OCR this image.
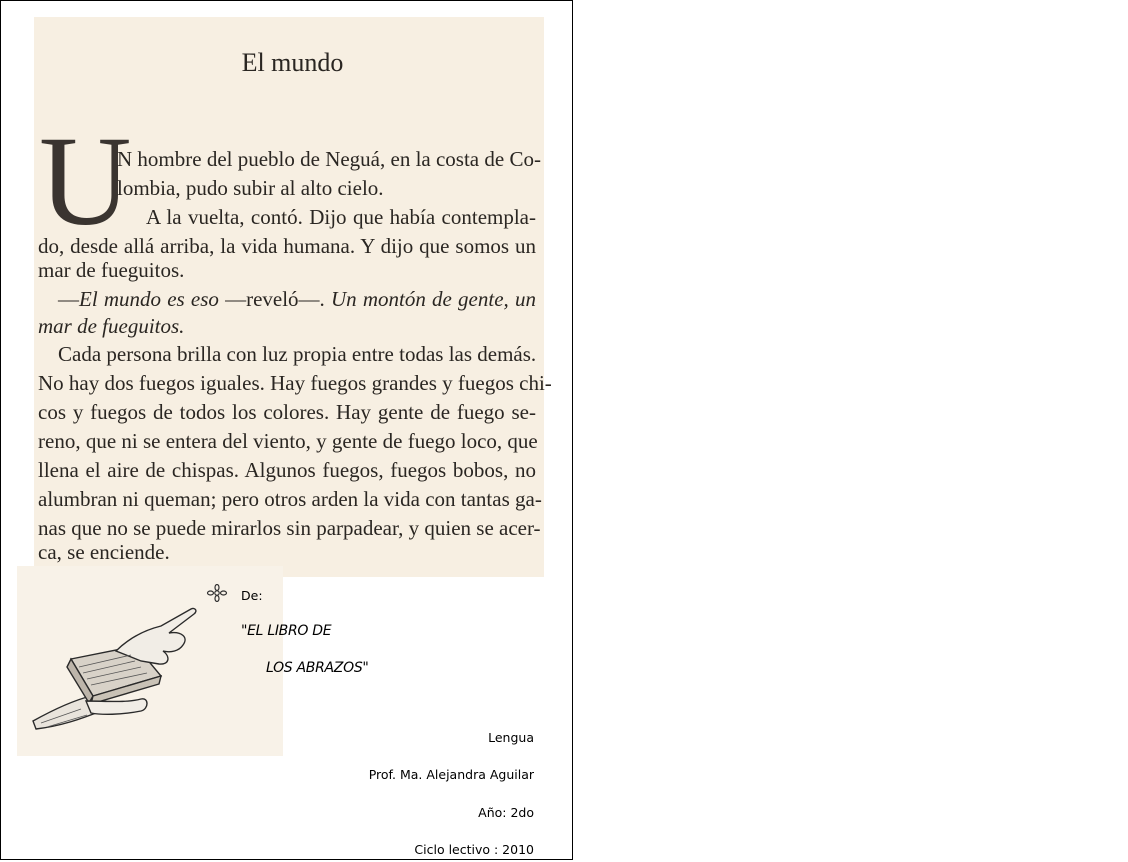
El mundo
U
N hombre del pueblo de Neguá, en la costa de Co-
lombia, pudo subir al alto cielo.
A la vuelta, contó. Dijo que había contempla-
do, desde allá arriba, la vida humana. Y dijo que somos un
mar de fueguitos.
—El mundo es eso —reveló—. Un montón de gente, un
mar de fueguitos.
Cada persona brilla con luz propia entre todas las demás.
No hay dos fuegos iguales. Hay fuegos grandes y fuegos chi-
cos y fuegos de todos los colores. Hay gente de fuego se-
reno, que ni se entera del viento, y gente de fuego loco, que
llena el aire de chispas. Algunos fuegos, fuegos bobos, no
alumbran ni queman; pero otros arden la vida con tantas ga-
nas que no se puede mirarlos sin parpadear, y quien se acer-
ca, se enciende.
De:
"EL LIBRO DE
LOS ABRAZOS"
Lengua
Prof. Ma. Alejandra Aguilar
Año: 2do
Ciclo lectivo : 2010
